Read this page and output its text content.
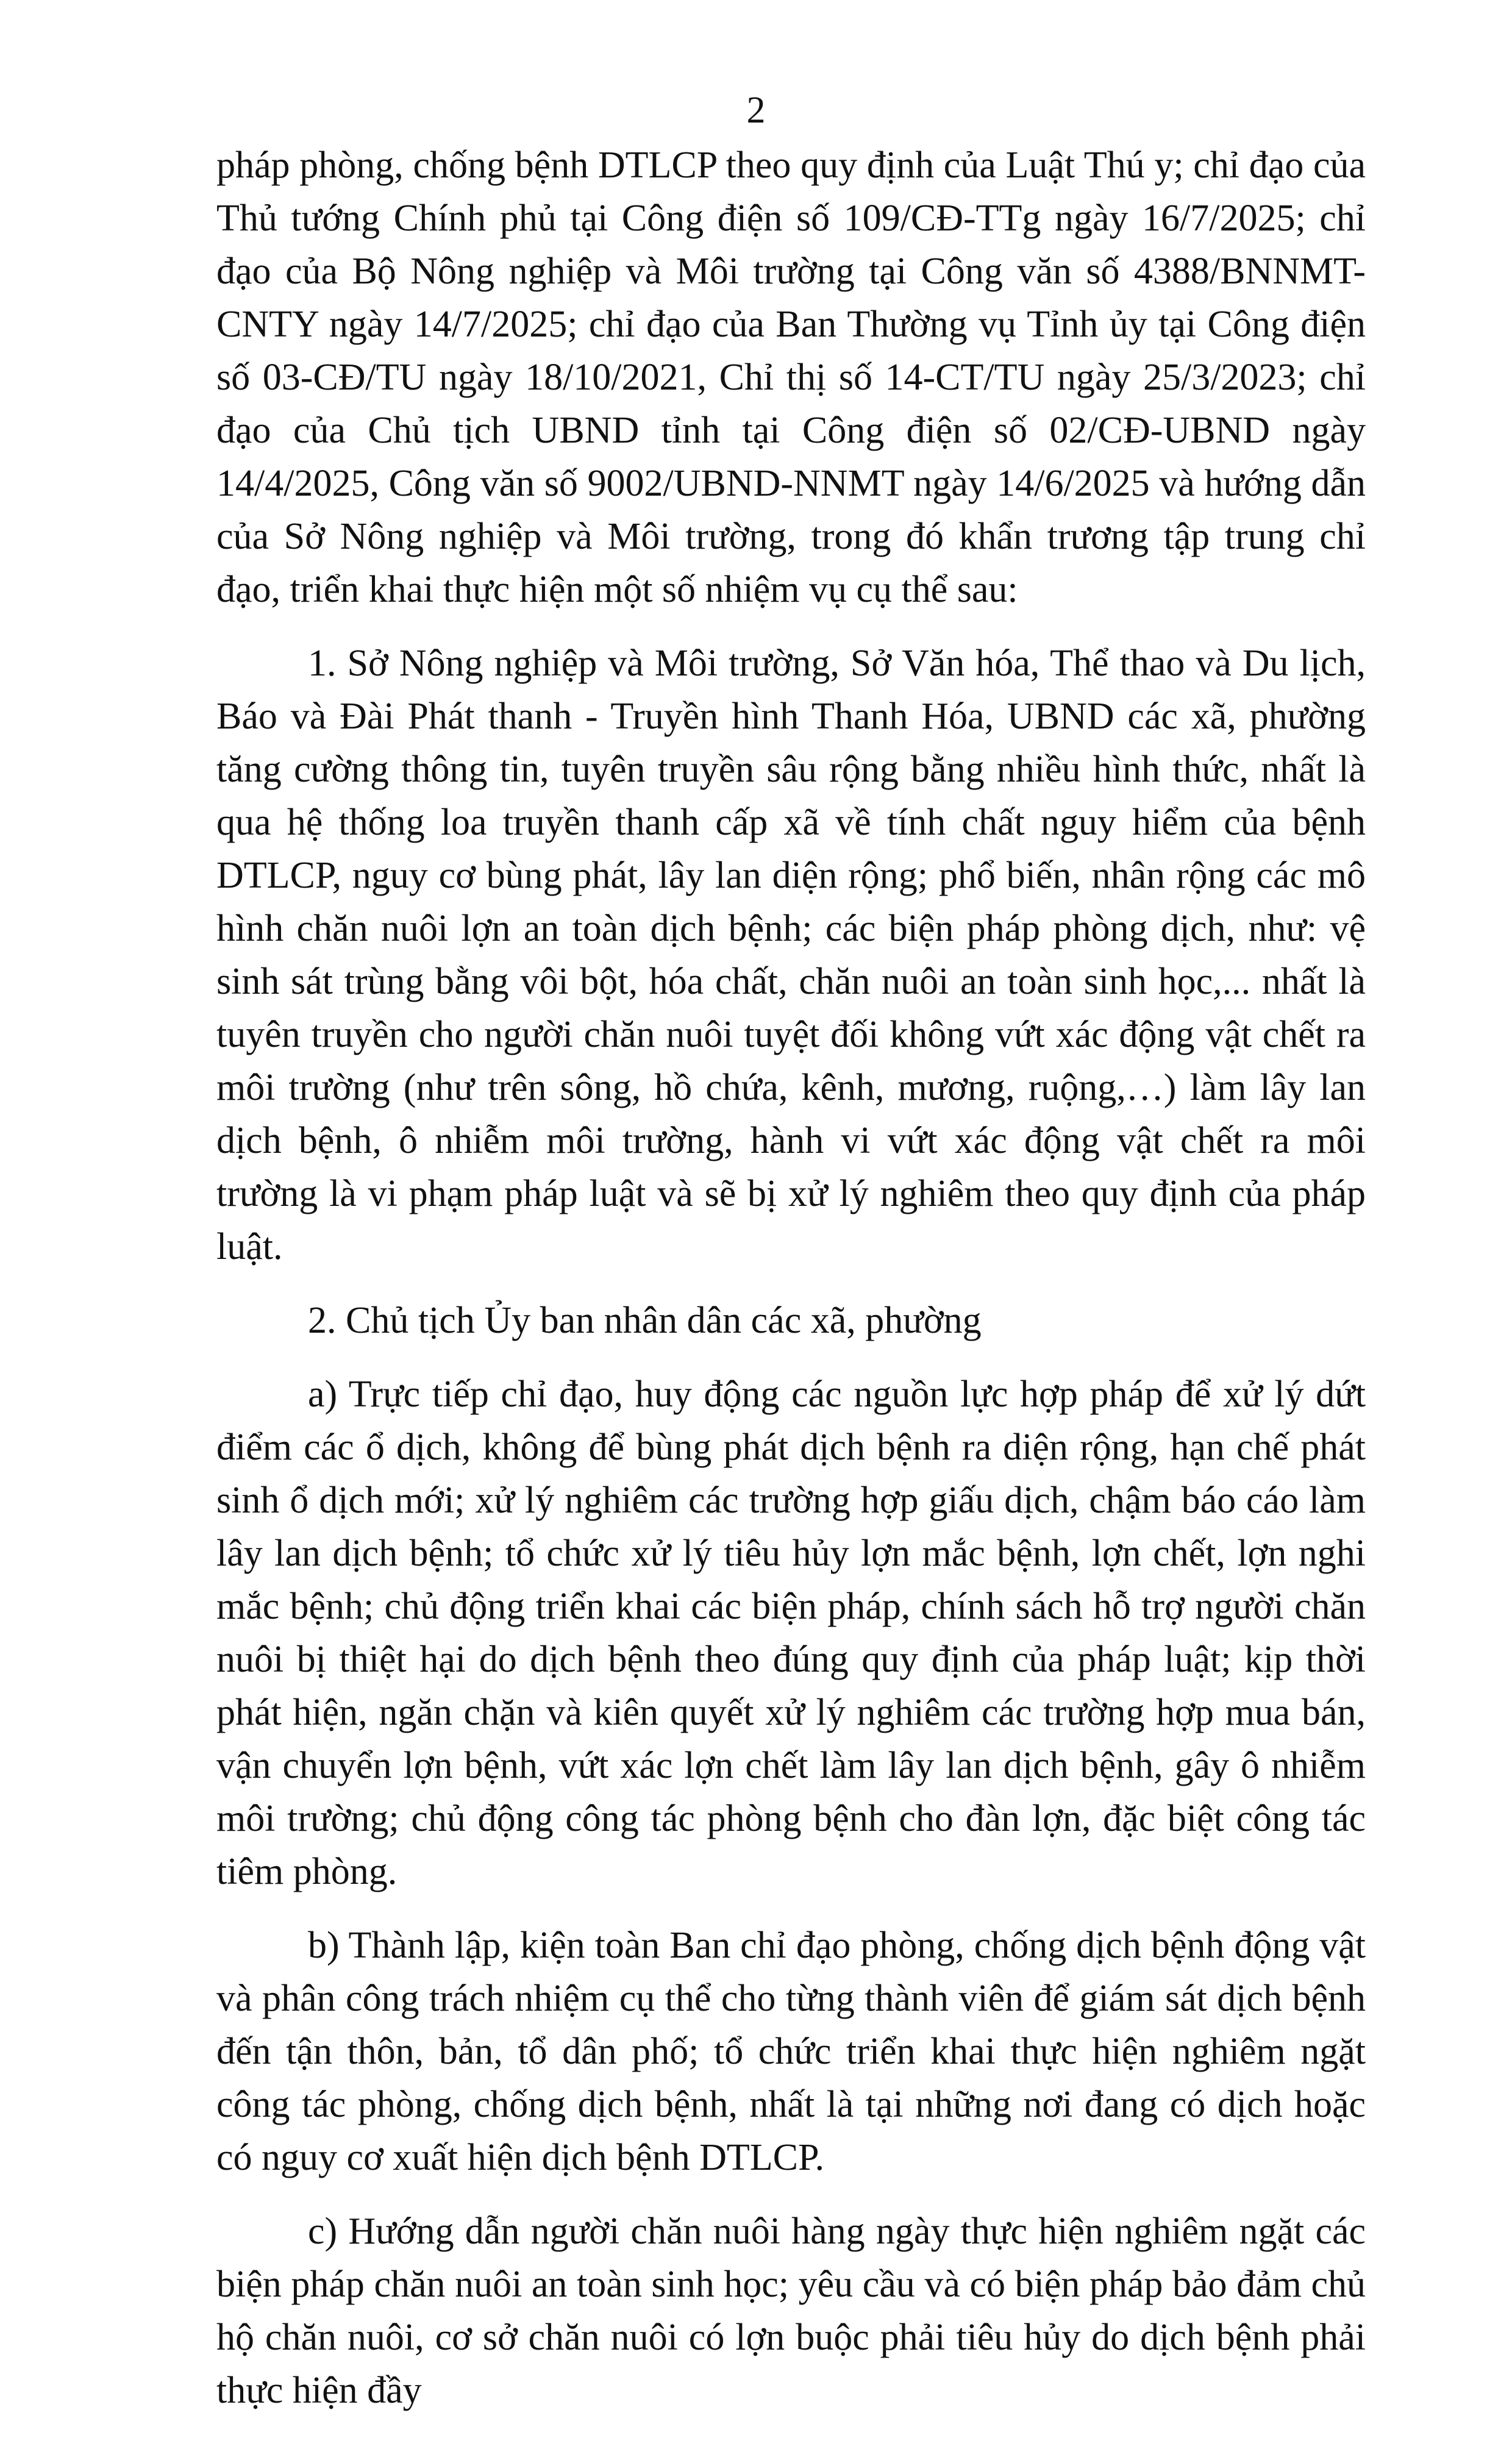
2

pháp phòng, chống bệnh DTLCP theo quy định của Luật Thú y; chỉ đạo của Thủ tướng Chính phủ tại Công điện số 109/CĐ-TTg ngày 16/7/2025; chỉ đạo của Bộ Nông nghiệp và Môi trường tại Công văn số 4388/BNNMT-CNTY ngày 14/7/2025; chỉ đạo của Ban Thường vụ Tỉnh ủy tại Công điện số 03-CĐ/TU ngày 18/10/2021, Chỉ thị số 14-CT/TU ngày 25/3/2023; chỉ đạo của Chủ tịch UBND tỉnh tại Công điện số 02/CĐ-UBND ngày 14/4/2025, Công văn số 9002/UBND-NNMT ngày 14/6/2025 và hướng dẫn của Sở Nông nghiệp và Môi trường, trong đó khẩn trương tập trung chỉ đạo, triển khai thực hiện một số nhiệm vụ cụ thể sau:

1. Sở Nông nghiệp và Môi trường, Sở Văn hóa, Thể thao và Du lịch, Báo và Đài Phát thanh - Truyền hình Thanh Hóa, UBND các xã, phường tăng cường thông tin, tuyên truyền sâu rộng bằng nhiều hình thức, nhất là qua hệ thống loa truyền thanh cấp xã về tính chất nguy hiểm của bệnh DTLCP, nguy cơ bùng phát, lây lan diện rộng; phổ biến, nhân rộng các mô hình chăn nuôi lợn an toàn dịch bệnh; các biện pháp phòng dịch, như: vệ sinh sát trùng bằng vôi bột, hóa chất, chăn nuôi an toàn sinh học,... nhất là tuyên truyền cho người chăn nuôi tuyệt đối không vứt xác động vật chết ra môi trường (như trên sông, hồ chứa, kênh, mương, ruộng,…) làm lây lan dịch bệnh, ô nhiễm môi trường, hành vi vứt xác động vật chết ra môi trường là vi phạm pháp luật và sẽ bị xử lý nghiêm theo quy định của pháp luật.

2. Chủ tịch Ủy ban nhân dân các xã, phường

a) Trực tiếp chỉ đạo, huy động các nguồn lực hợp pháp để xử lý dứt điểm các ổ dịch, không để bùng phát dịch bệnh ra diện rộng, hạn chế phát sinh ổ dịch mới; xử lý nghiêm các trường hợp giấu dịch, chậm báo cáo làm lây lan dịch bệnh; tổ chức xử lý tiêu hủy lợn mắc bệnh, lợn chết, lợn nghi mắc bệnh; chủ động triển khai các biện pháp, chính sách hỗ trợ người chăn nuôi bị thiệt hại do dịch bệnh theo đúng quy định của pháp luật; kịp thời phát hiện, ngăn chặn và kiên quyết xử lý nghiêm các trường hợp mua bán, vận chuyển lợn bệnh, vứt xác lợn chết làm lây lan dịch bệnh, gây ô nhiễm môi trường; chủ động công tác phòng bệnh cho đàn lợn, đặc biệt công tác tiêm phòng.

b) Thành lập, kiện toàn Ban chỉ đạo phòng, chống dịch bệnh động vật và phân công trách nhiệm cụ thể cho từng thành viên để giám sát dịch bệnh đến tận thôn, bản, tổ dân phố; tổ chức triển khai thực hiện nghiêm ngặt công tác phòng, chống dịch bệnh, nhất là tại những nơi đang có dịch hoặc có nguy cơ xuất hiện dịch bệnh DTLCP.

c) Hướng dẫn người chăn nuôi hàng ngày thực hiện nghiêm ngặt các biện pháp chăn nuôi an toàn sinh học; yêu cầu và có biện pháp bảo đảm chủ hộ chăn nuôi, cơ sở chăn nuôi có lợn buộc phải tiêu hủy do dịch bệnh phải thực hiện đầy
